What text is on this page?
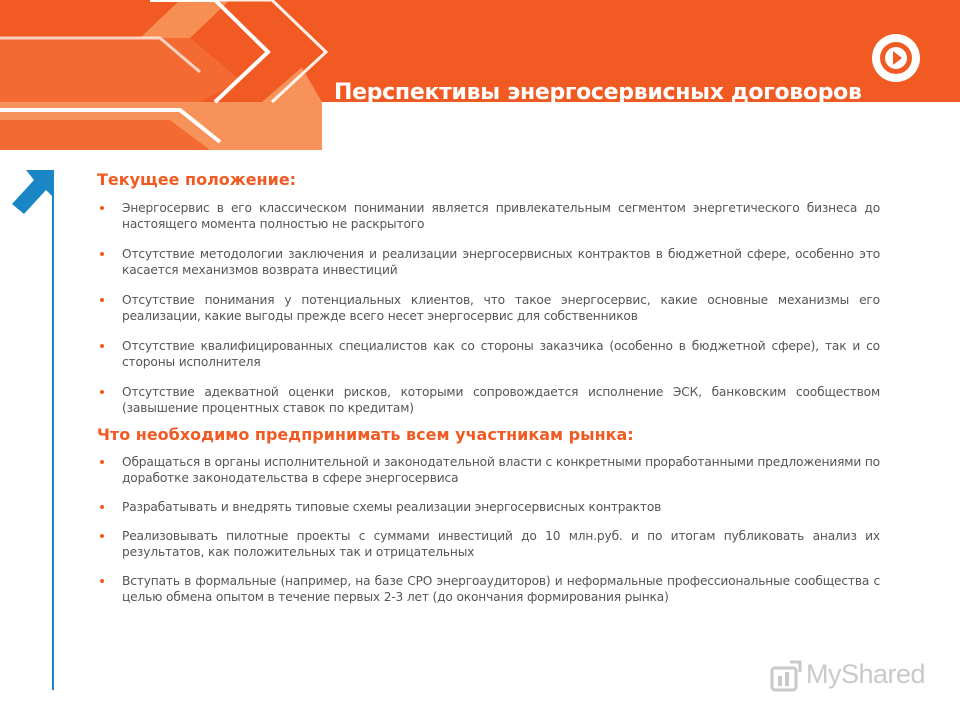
Перспективы энергосервисных договоров
Текущее положение:
Энергосервис в его классическом понимании является привлекательным сегментом энергетического бизнеса до настоящего момента полностью не раскрытого
Отсутствие методологии заключения и реализации энергосервисных контрактов в бюджетной сфере, особенно это касается механизмов возврата инвестиций
Отсутствие понимания у потенциальных клиентов, что такое энергосервис, какие основные механизмы его реализации, какие выгоды прежде всего несет энергосервис для собственников
Отсутствие квалифицированных специалистов как со стороны заказчика (особенно в бюджетной сфере), так и со стороны исполнителя
Отсутствие адекватной оценки рисков, которыми сопровождается исполнение ЭСК, банковским сообществом (завышение процентных ставок по кредитам)
Что необходимо предпринимать всем участникам рынка:
Обращаться в органы исполнительной и законодательной власти с конкретными проработанными предложениями по доработке законодательства в сфере энергосервиса
Разрабатывать и внедрять типовые схемы реализации энергосервисных контрактов
Реализовывать пилотные проекты с суммами инвестиций до 10 млн.руб. и по итогам публиковать анализ их результатов, как положительных так и отрицательных
Вступать в формальные (например, на базе СРО энергоаудиторов) и неформальные профессиональные сообщества с целью обмена опытом в течение первых 2-3 лет (до окончания формирования рынка)
MyShared
